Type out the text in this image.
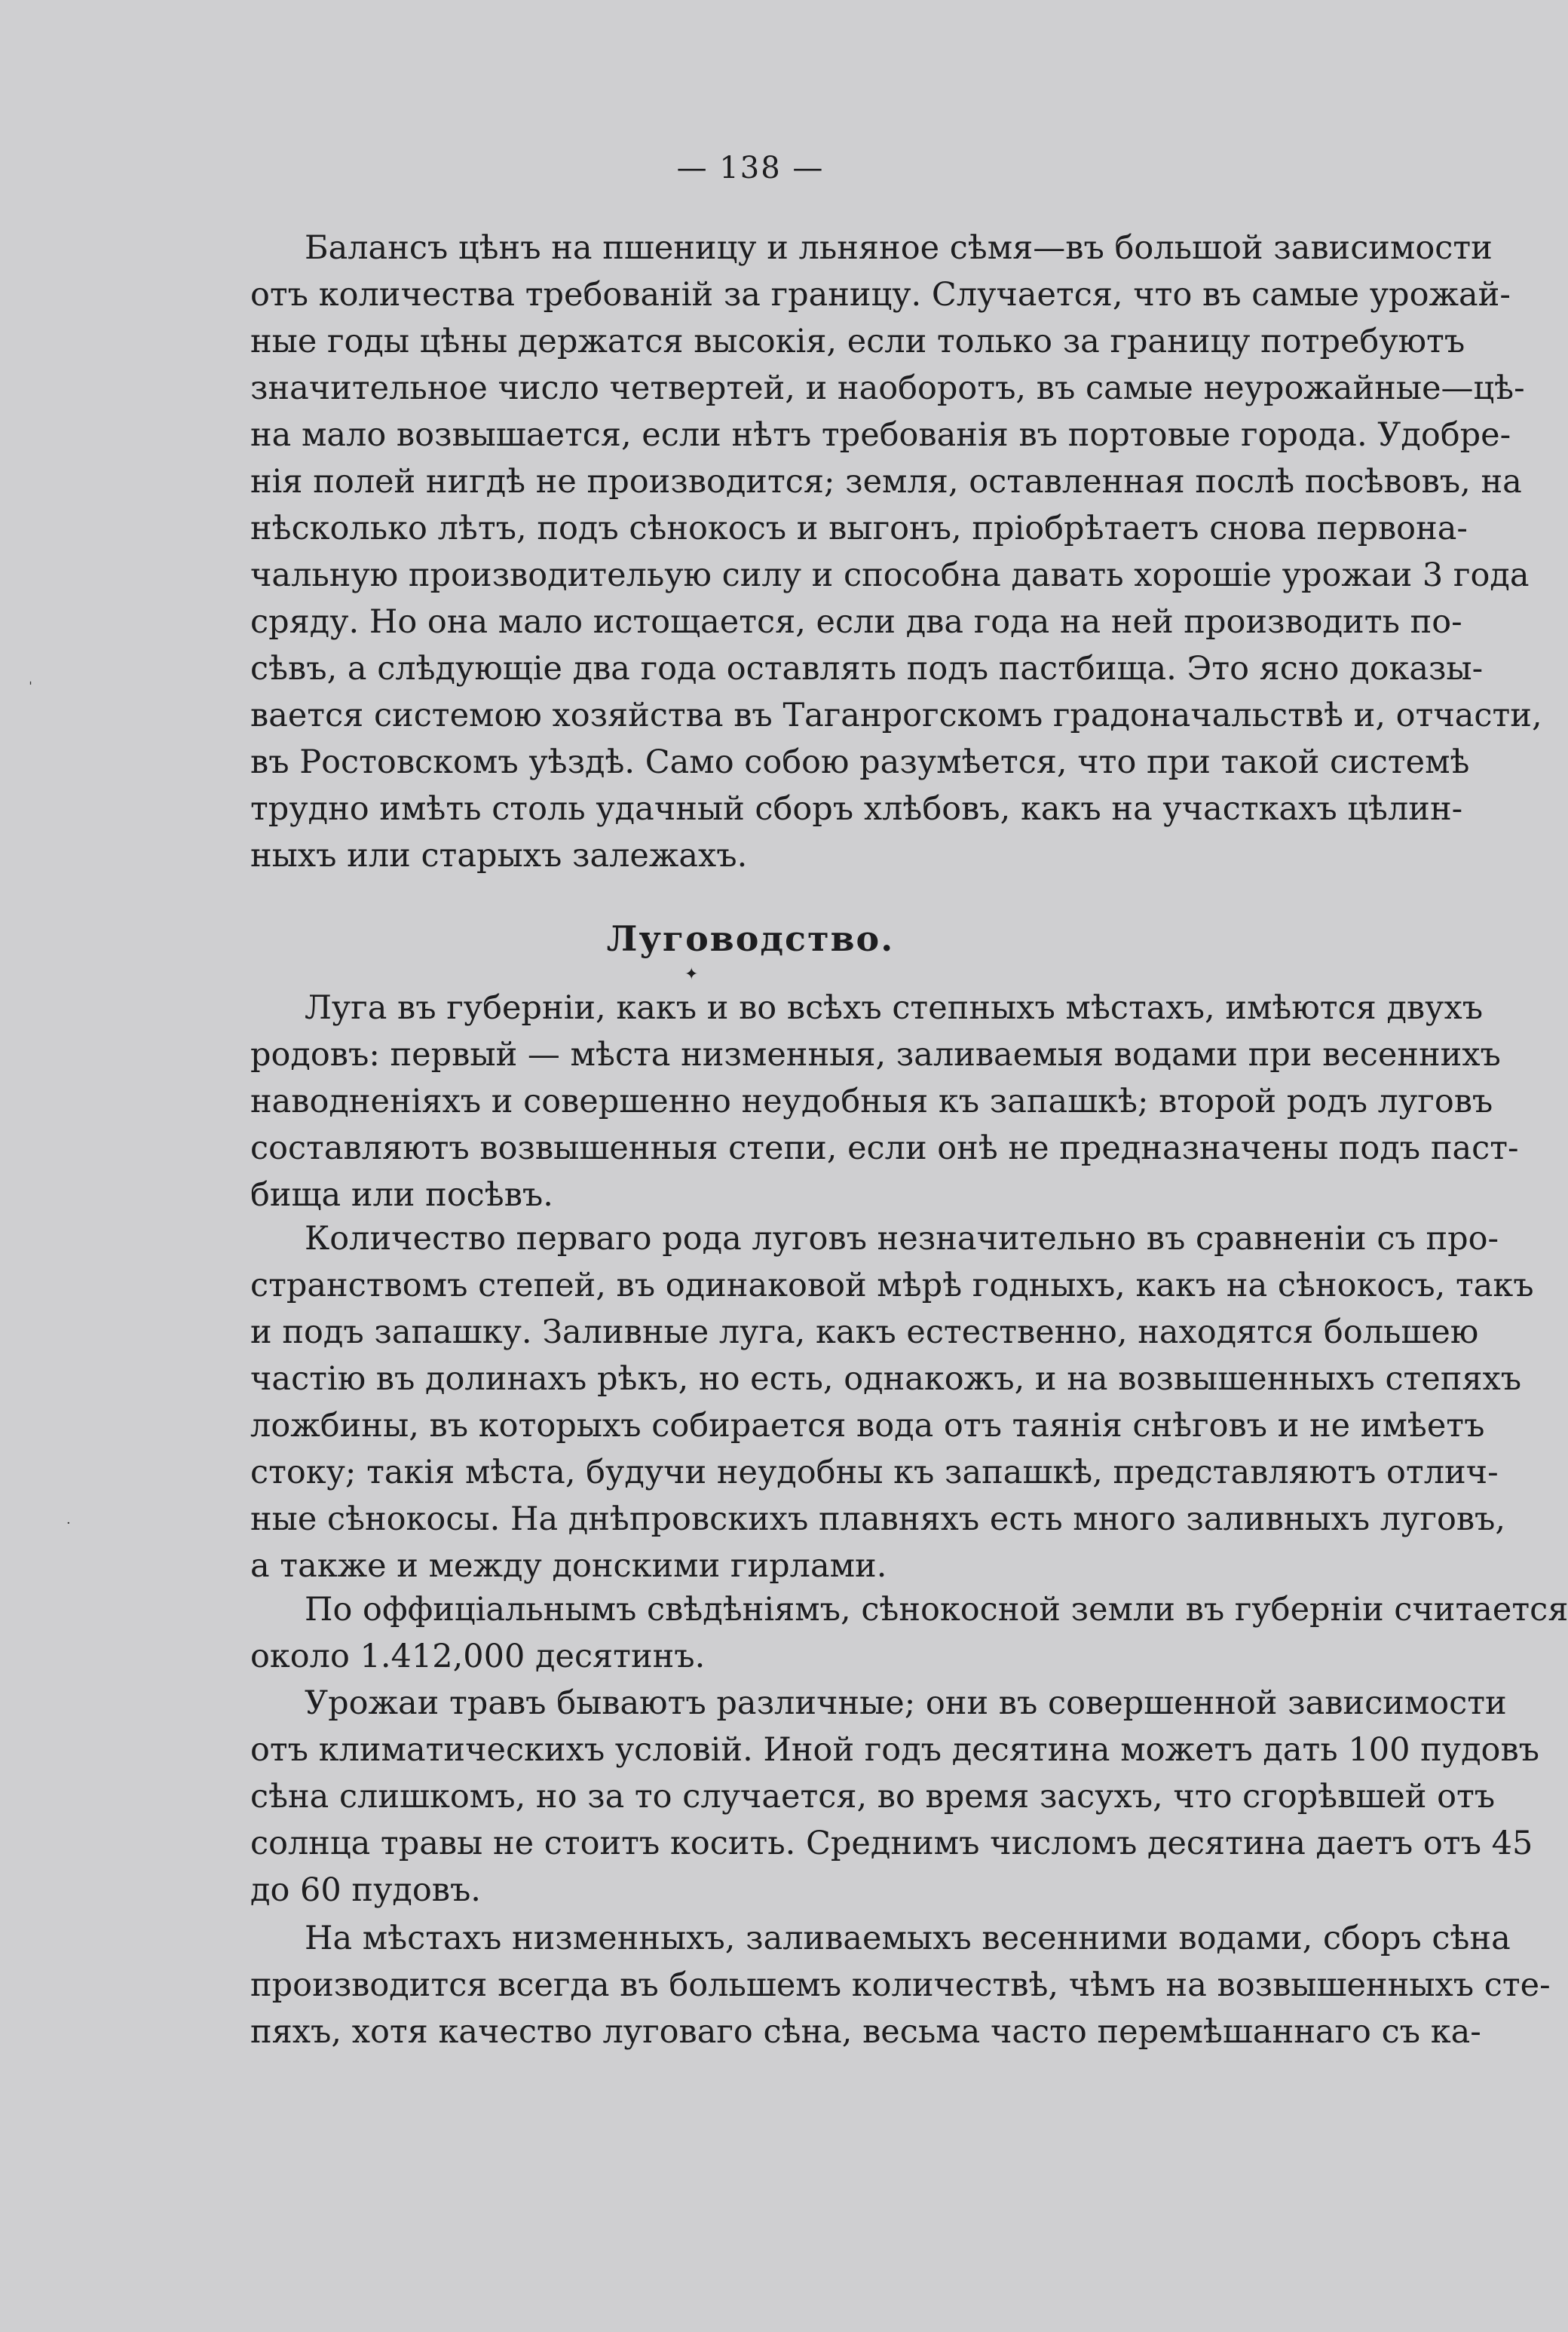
— 138 —
Балансъ цѣнъ на пшеницу и льняное сѣмя—въ большой зависимости
отъ количества требованій за границу. Случается, что въ самые урожай-
ные годы цѣны держатся высокія, если только за границу потребуютъ
значительное число четвертей, и наоборотъ, въ самые неурожайные—цѣ-
на мало возвышается, если нѣтъ требованія въ портовые города. Удобре-
нія полей нигдѣ не производится; земля, оставленная послѣ посѣвовъ, на
нѣсколько лѣтъ, подъ сѣнокосъ и выгонъ, пріобрѣтаетъ снова первона-
чальную производительую силу и способна давать хорошіе урожаи 3 года
сряду. Но она мало истощается, если два года на ней производить по-
сѣвъ, а слѣдующіе два года оставлять подъ пастбища. Это ясно доказы-
вается системою хозяйства въ Таганрогскомъ градоначальствѣ и, отчасти,
въ Ростовскомъ уѣздѣ. Само собою разумѣется, что при такой системѣ
трудно имѣть столь удачный сборъ хлѣбовъ, какъ на участкахъ цѣлин-
ныхъ или старыхъ залежахъ.
Луговодство.
✦
Луга въ губерніи, какъ и во всѣхъ степныхъ мѣстахъ, имѣются двухъ
родовъ: первый — мѣста низменныя, заливаемыя водами при весеннихъ
наводненіяхъ и совершенно неудобныя къ запашкѣ; второй родъ луговъ
составляютъ возвышенныя степи, если онѣ не предназначены подъ паст-
бища или посѣвъ.
Количество перваго рода луговъ незначительно въ сравненіи съ про-
странствомъ степей, въ одинаковой мѣрѣ годныхъ, какъ на сѣнокосъ, такъ
и подъ запашку. Заливные луга, какъ естественно, находятся большею
частію въ долинахъ рѣкъ, но есть, однакожъ, и на возвышенныхъ степяхъ
ложбины, въ которыхъ собирается вода отъ таянія снѣговъ и не имѣетъ
стоку; такія мѣста, будучи неудобны къ запашкѣ, представляютъ отлич-
ные сѣнокосы. На днѣпровскихъ плавняхъ есть много заливныхъ луговъ,
а также и между донскими гирлами.
По оффиціальнымъ свѣдѣніямъ, сѣнокосной земли въ губерніи считается
около 1.412,000 десятинъ.
Урожаи травъ бываютъ различные; они въ совершенной зависимости
отъ климатическихъ условій. Иной годъ десятина можетъ дать 100 пудовъ
сѣна слишкомъ, но за то случается, во время засухъ, что сгорѣвшей отъ
солнца травы не стоитъ косить. Среднимъ числомъ десятина даетъ отъ 45
до 60 пудовъ.
На мѣстахъ низменныхъ, заливаемыхъ весенними водами, сборъ сѣна
производится всегда въ большемъ количествѣ, чѣмъ на возвышенныхъ сте-
пяхъ, хотя качество луговаго сѣна, весьма часто перемѣшаннаго съ ка-
ˌ
·
